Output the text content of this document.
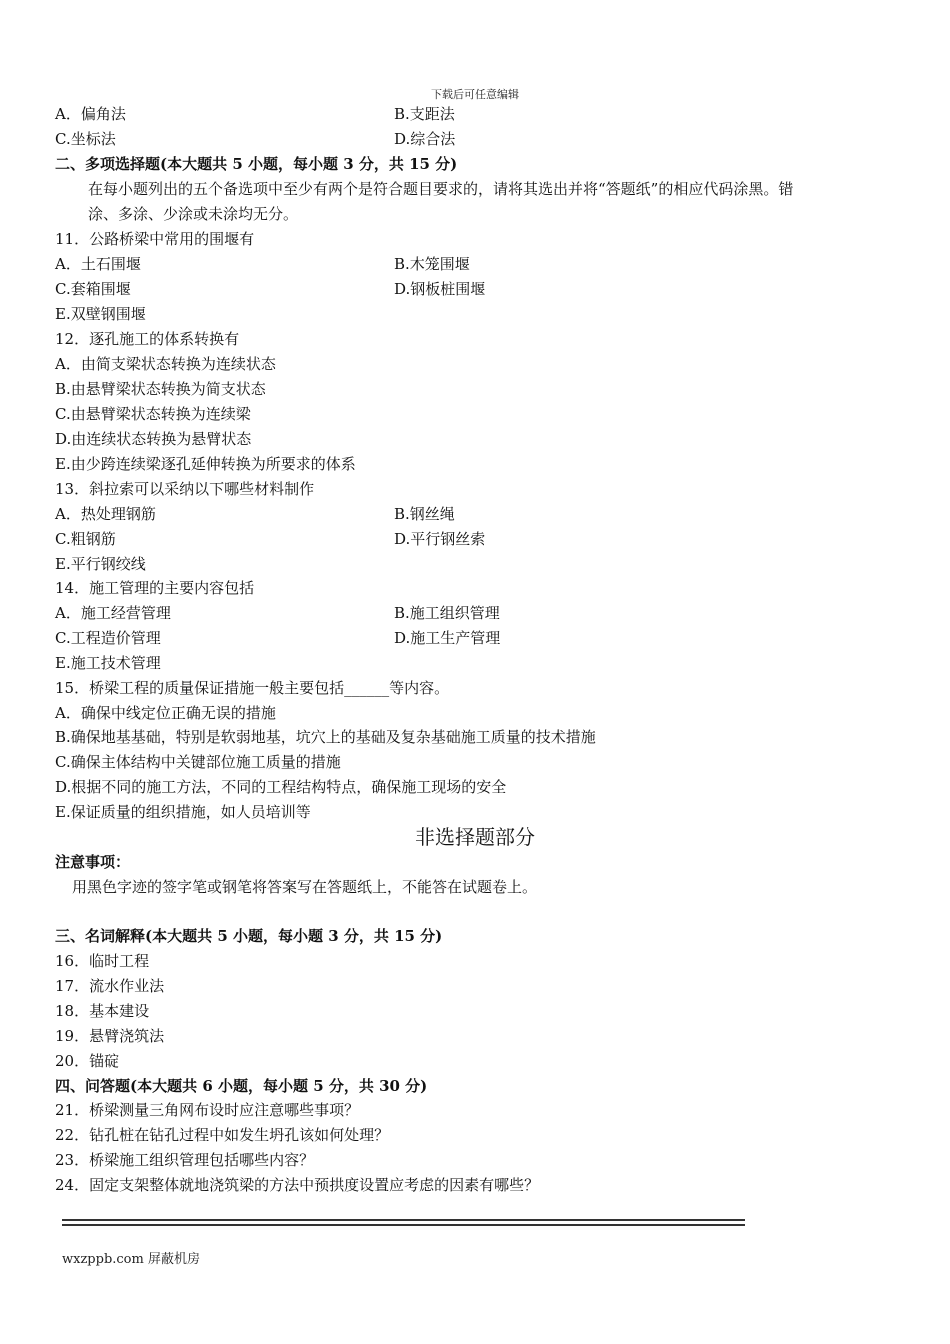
下载后可任意编辑
A．偏角法	B.支距法
C.坐标法	D.综合法
二、多项选择题(本大题共 5 小题，每小题 3 分，共 15 分)
在每小题列出的五个备选项中至少有两个是符合题目要求的，请将其选出并将“答题纸”的相应代码涂黑。错
涂、多涂、少涂或未涂均无分。
11．公路桥梁中常用的围堰有
A．土石围堰	B.木笼围堰
C.套箱围堰	D.钢板桩围堰
E.双壁钢围堰
12．逐孔施工的体系转换有
A．由简支梁状态转换为连续状态
B.由悬臂梁状态转换为简支状态
C.由悬臂梁状态转换为连续梁
D.由连续状态转换为悬臂状态
E.由少跨连续梁逐孔延伸转换为所要求的体系
13．斜拉索可以采纳以下哪些材料制作
A．热处理钢筋	B.钢丝绳
C.粗钢筋	D.平行钢丝索
E.平行钢绞线
14．施工管理的主要内容包括
A．施工经营管理	B.施工组织管理
C.工程造价管理	D.施工生产管理
E.施工技术管理
15．桥梁工程的质量保证措施一般主要包括______等内容。
A．确保中线定位正确无误的措施
B.确保地基基础，特别是软弱地基，坑穴上的基础及复杂基础施工质量的技术措施
C.确保主体结构中关键部位施工质量的措施
D.根据不同的施工方法，不同的工程结构特点，确保施工现场的安全
E.保证质量的组织措施，如人员培训等
非选择题部分
注意事项：
用黑色字迹的签字笔或钢笔将答案写在答题纸上，不能答在试题卷上。
三、名词解释(本大题共 5 小题，每小题 3 分，共 15 分)
16．临时工程
17．流水作业法
18．基本建设
19．悬臂浇筑法
20．锚碇
四、问答题(本大题共 6 小题，每小题 5 分，共 30 分)
21．桥梁测量三角网布设时应注意哪些事项？
22．钻孔桩在钻孔过程中如发生坍孔该如何处理？
23．桥梁施工组织管理包括哪些内容？
24．固定支架整体就地浇筑梁的方法中预拱度设置应考虑的因素有哪些？
wxzppb.com 屏蔽机房
